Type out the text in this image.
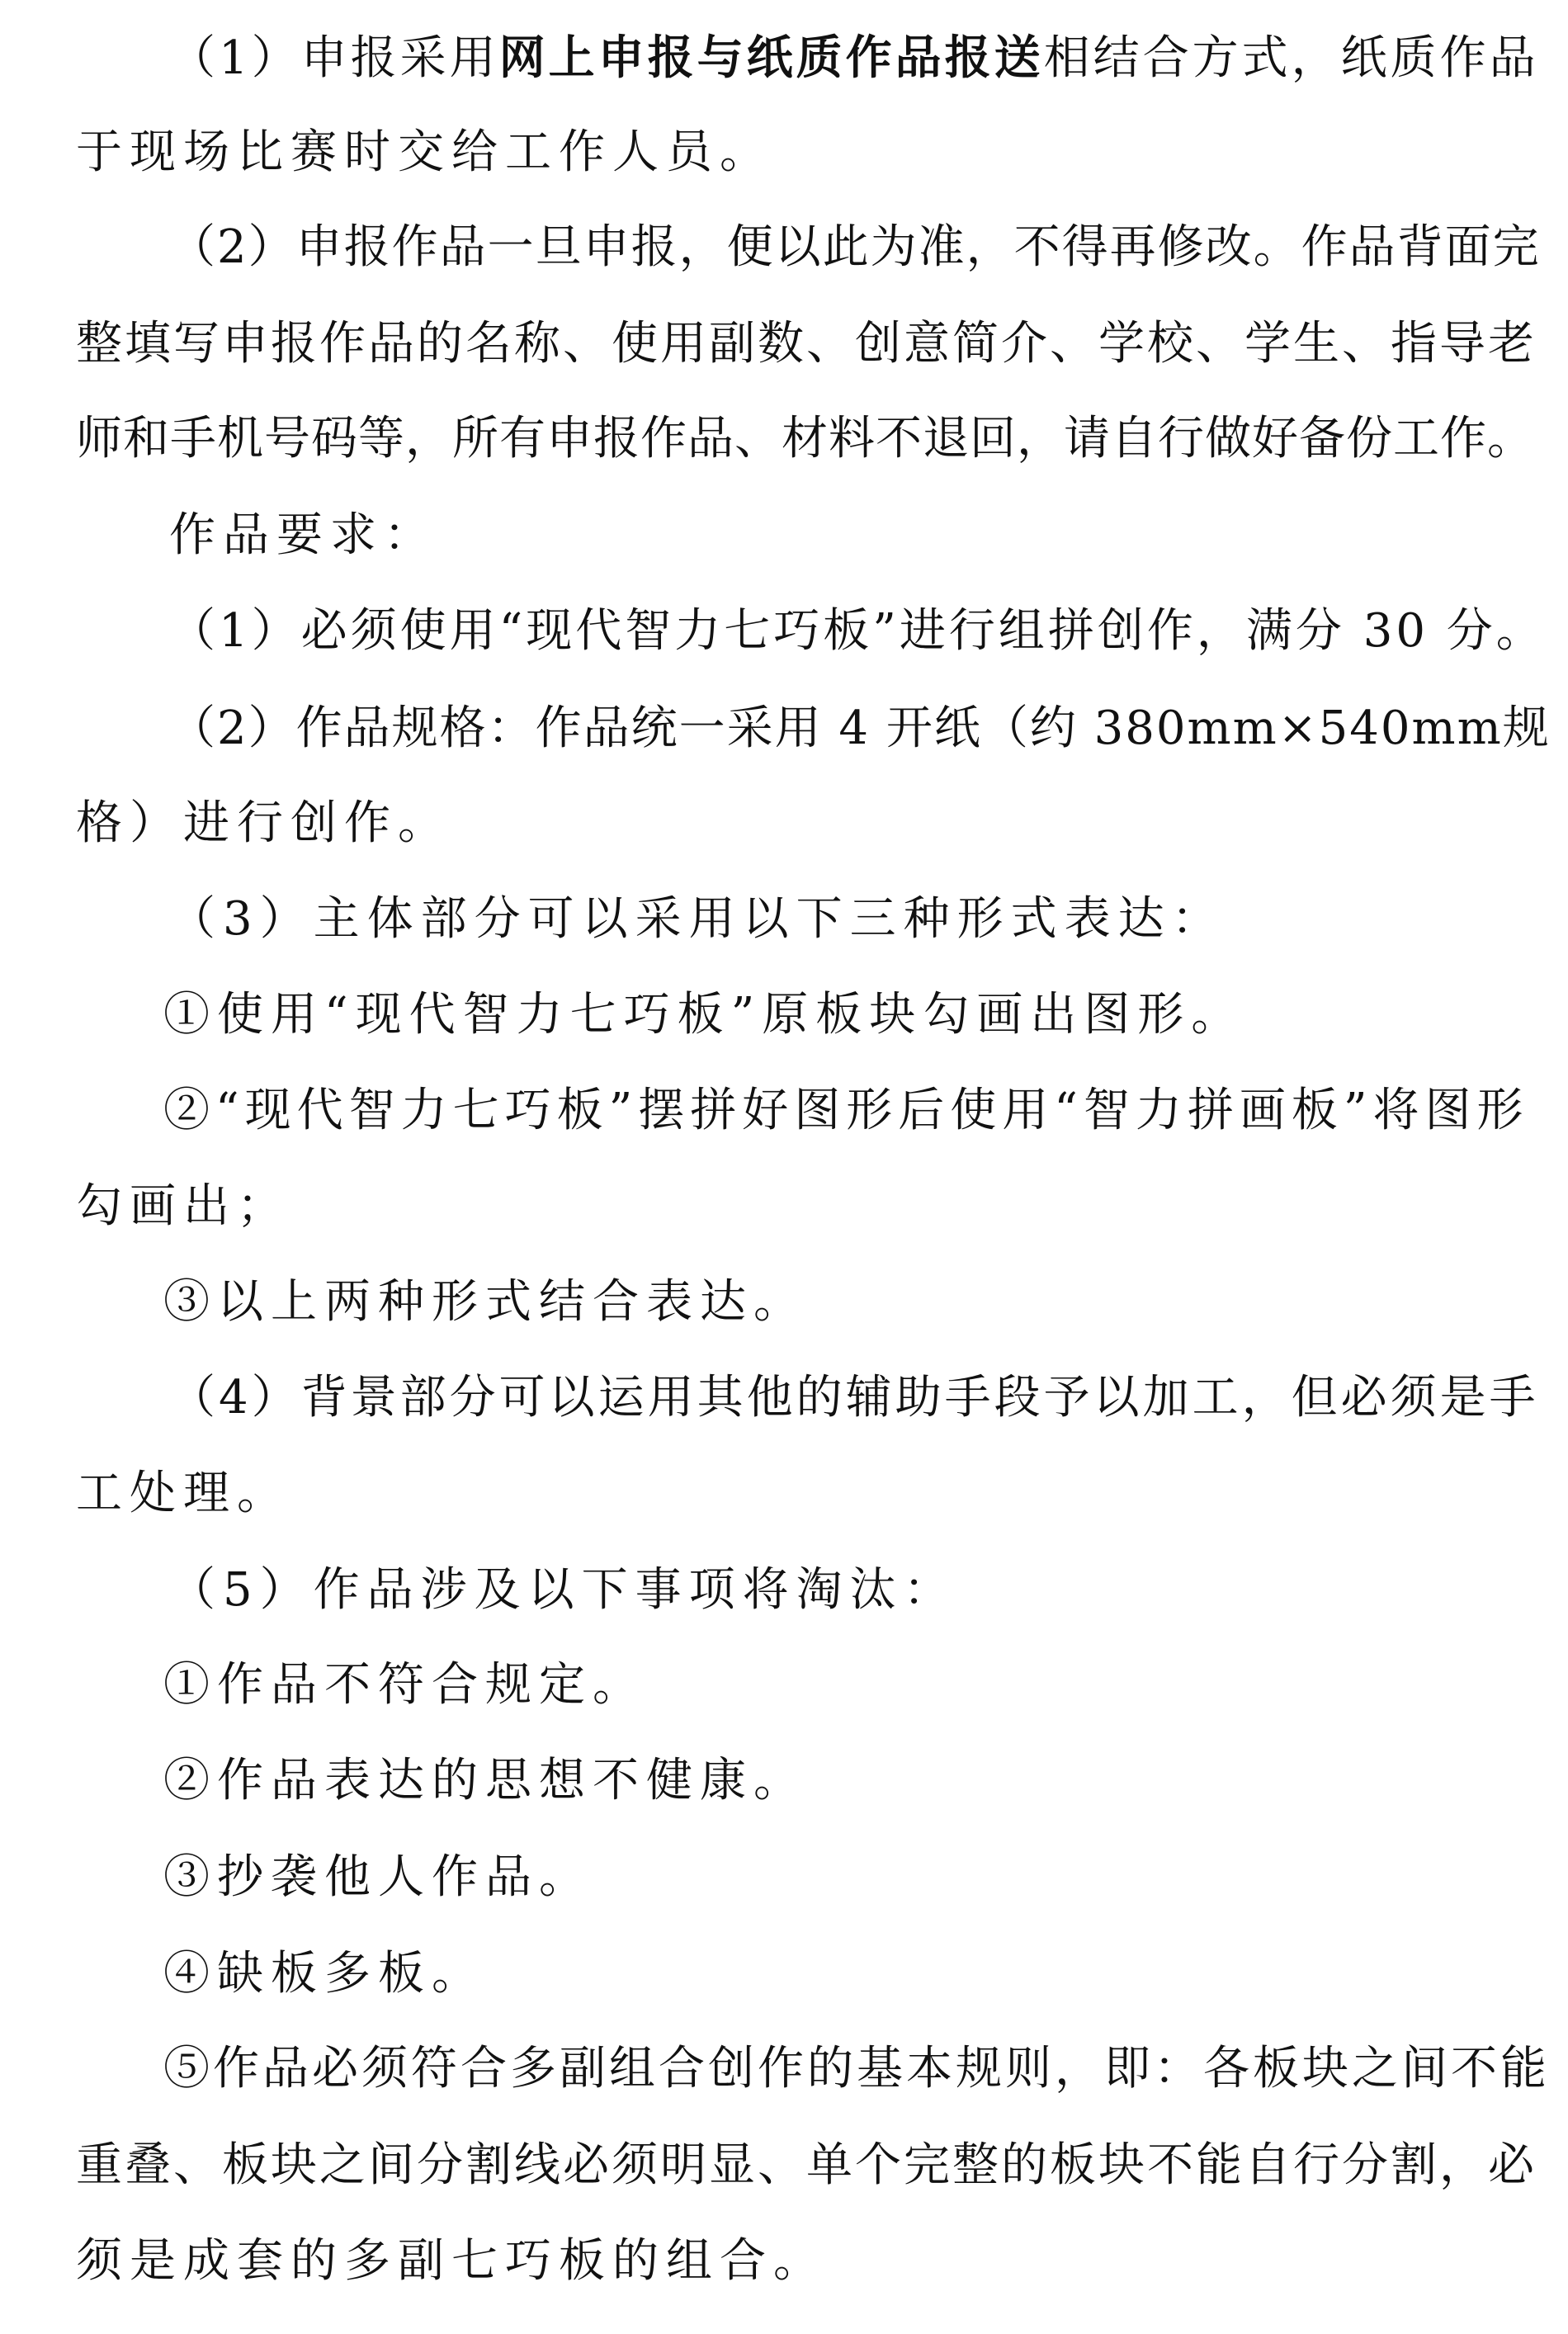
（1）申报采用网上申报与纸质作品报送相结合方式，纸质作品
于现场比赛时交给工作人员。
（2）申报作品一旦申报，便以此为准，不得再修改。作品背面完
整填写申报作品的名称、使用副数、创意简介、学校、学生、指导老
师和手机号码等，所有申报作品、材料不退回，请自行做好备份工作。
作品要求：
（1）必须使用“现代智力七巧板”进行组拼创作，满分 30 分。
（2）作品规格：作品统一采用 4 开纸（约 380mm×540mm规
格）进行创作。
（3）主体部分可以采用以下三种形式表达：
①使用“现代智力七巧板”原板块勾画出图形。
②“现代智力七巧板”摆拼好图形后使用“智力拼画板”将图形
勾画出；
③以上两种形式结合表达。
（4）背景部分可以运用其他的辅助手段予以加工，但必须是手
工处理。
（5）作品涉及以下事项将淘汰：
①作品不符合规定。
②作品表达的思想不健康。
③抄袭他人作品。
④缺板多板。
⑤作品必须符合多副组合创作的基本规则，即：各板块之间不能
重叠、板块之间分割线必须明显、单个完整的板块不能自行分割，必
须是成套的多副七巧板的组合。
